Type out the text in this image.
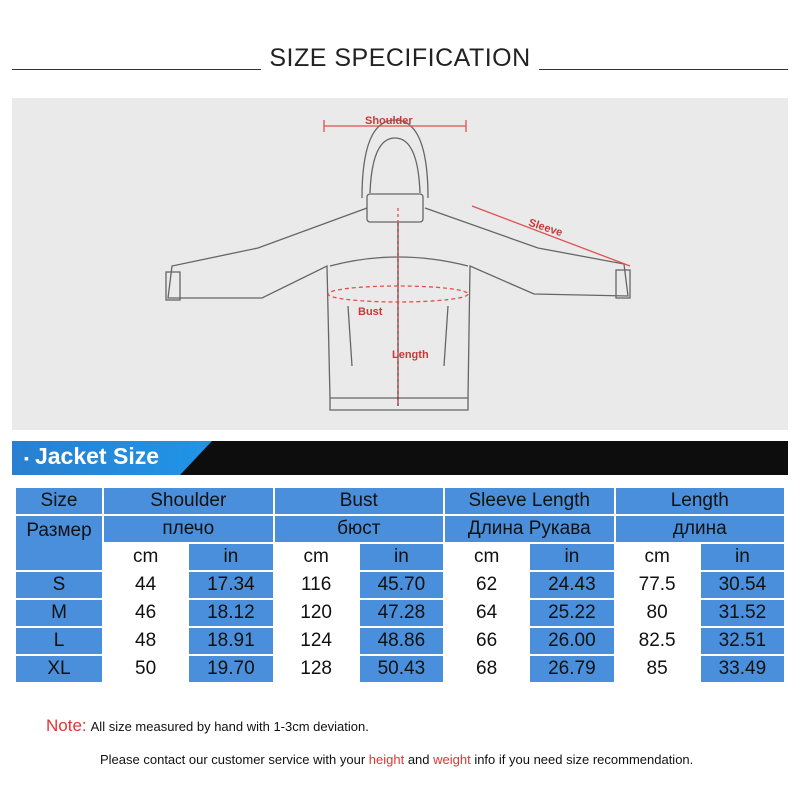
SIZE SPECIFICATION
Shoulder
Sleeve
Bust
Length
▪ Jacket Size
Size	Shoulder		Bust		Sleeve Length		Length	
Размер	плечо		бюст		Длина Рукава		длина	
	cm	in	cm	in	cm	in	cm	in
S	44	17.34	116	45.70	62	24.43	77.5	30.54
M	46	18.12	120	47.28	64	25.22	80	31.52
L	48	18.91	124	48.86	66	26.00	82.5	32.51
XL	50	19.70	128	50.43	68	26.79	85	33.49
Note: All size measured by hand with 1-3cm deviation.
Please contact our customer service with your height and weight info if you need size recommendation.
